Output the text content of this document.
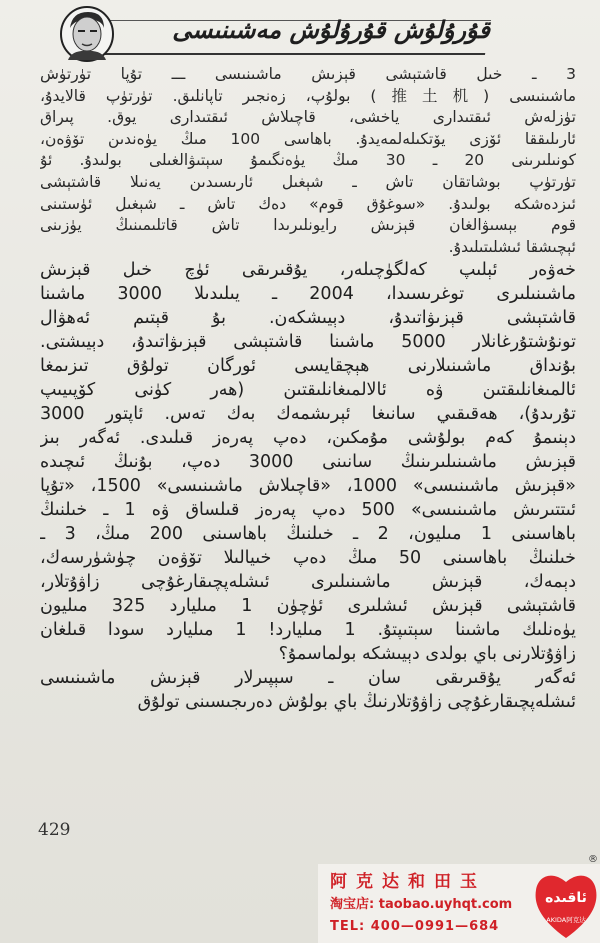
قۇرۇلۇش قۇرۇلۇش مەشىنىسى
3 ـ خىل قاشتېشى قېزىش ماشىنىسى ـــ تۇپا تۈرتۈش
ماشىنىسى (推土机) بولۇپ، زەنجىر تاپانلىق. تۈرتۈپ قالايدۇ،
تۈزلەش ئىقتىدارى ياخشى، قاچىلاش ئىقتىدارى يوق. پىراق
ئارىلىققا ئۆزى يۆتكىلەلمەيدۇ. باھاسى 100 مىڭ يۈەندىن تۆۋەن،
كونىلىرىنى 20 ـ 30 مىڭ يۈەنگىمۇ سېتىۋالغىلى بولىدۇ. ئۇ
تۈرتۈپ بوشاتقان تاش ـ شېغىل ئارىسىدىن يەنىلا قاشتېشى
ئىزدەشكە بولىدۇ. «سوغۇق قوم» دەك تاش ـ شېغىل ئۈستىنى
قوم بېسىۋالغان قېزىش رايونلىرىدا تاش قاتلىمىنىڭ يۈزىنى
ئېچىشقا ئىشلىتىلىدۇ.
خەۋەر ئېلىپ كەلگۈچىلەر، يۇقىرىقى ئۈچ خىل قېزىش
ماشىنىلىرى توغرىسىدا، 2004 ـ يىلىدىلا 3000 ماشىنا
قاشتېشى قېزىۋاتىدۇ، دېيىشكەن. بۇ قېتىم ئەھۋال
تونۇشتۇرغانلار 5000 ماشىنا قاشتېشى قېزىۋاتىدۇ، دېيىشتى.
بۇنداق ماشىنىلارنى ھېچقايسى ئورگان تولۇق تىزىمغا
ئالمىغانلىقتىن ۋە ئالالمىغانلىقتىن (ھەر كۈنى كۆپىيىپ
تۇرىدۇ)، ھەقىقىي سانىغا ئېرىشمەك بەك تەس. ئاپتور 3000
دېنىمۇ كەم بولۇشى مۇمكىن، دەپ پەرەز قىلىدى. ئەگەر بىز
قېزىش ماشىنىلىرىنىڭ سانىنى 3000 دەپ، بۇنىڭ ئىچىدە
«قېزىش ماشىنىسى» 1000، «قاچىلاش ماشىنىسى» 1500، «تۇپا
ئىتتىرىش ماشىنىسى» 500 دەپ پەرەز قىلساق ۋە 1 ـ خىلنىڭ
باھاسىنى 1 مىليون، 2 ـ خىلنىڭ باھاسىنى 200 مىڭ، 3 ـ
خىلنىڭ باھاسىنى 50 مىڭ دەپ خىيالىلا تۆۋەن چۈشۈرسەك،
دېمەك، قېزىش ماشىنىلىرى ئىشلەپچىقارغۇچى زاۋۇتلار،
قاشتېشى قېزىش ئىشلىرى ئۈچۈن 1 مىليارد 325 مىليون
يۈەنلىك ماشىنا سېتىپتۇ. 1 مىليارد! 1 مىليارد سودا قىلغان
زاۋۇتلارنى باي بولدى دېيىشكە بولماسمۇ؟
ئەگەر يۇقىرىقى سان ـ سېپىرلار قېزىش ماشىنىسى
ئىشلەپچىقارغۇچى زاۋۇتلارنىڭ باي بولۇش دەرىجىسىنى تولۇق
429
阿克达和田玉
淘宝店: taobao.uyhqt.com
TEL: 400—0991—684
ئاقىدە
AKIDA阿克达
®
